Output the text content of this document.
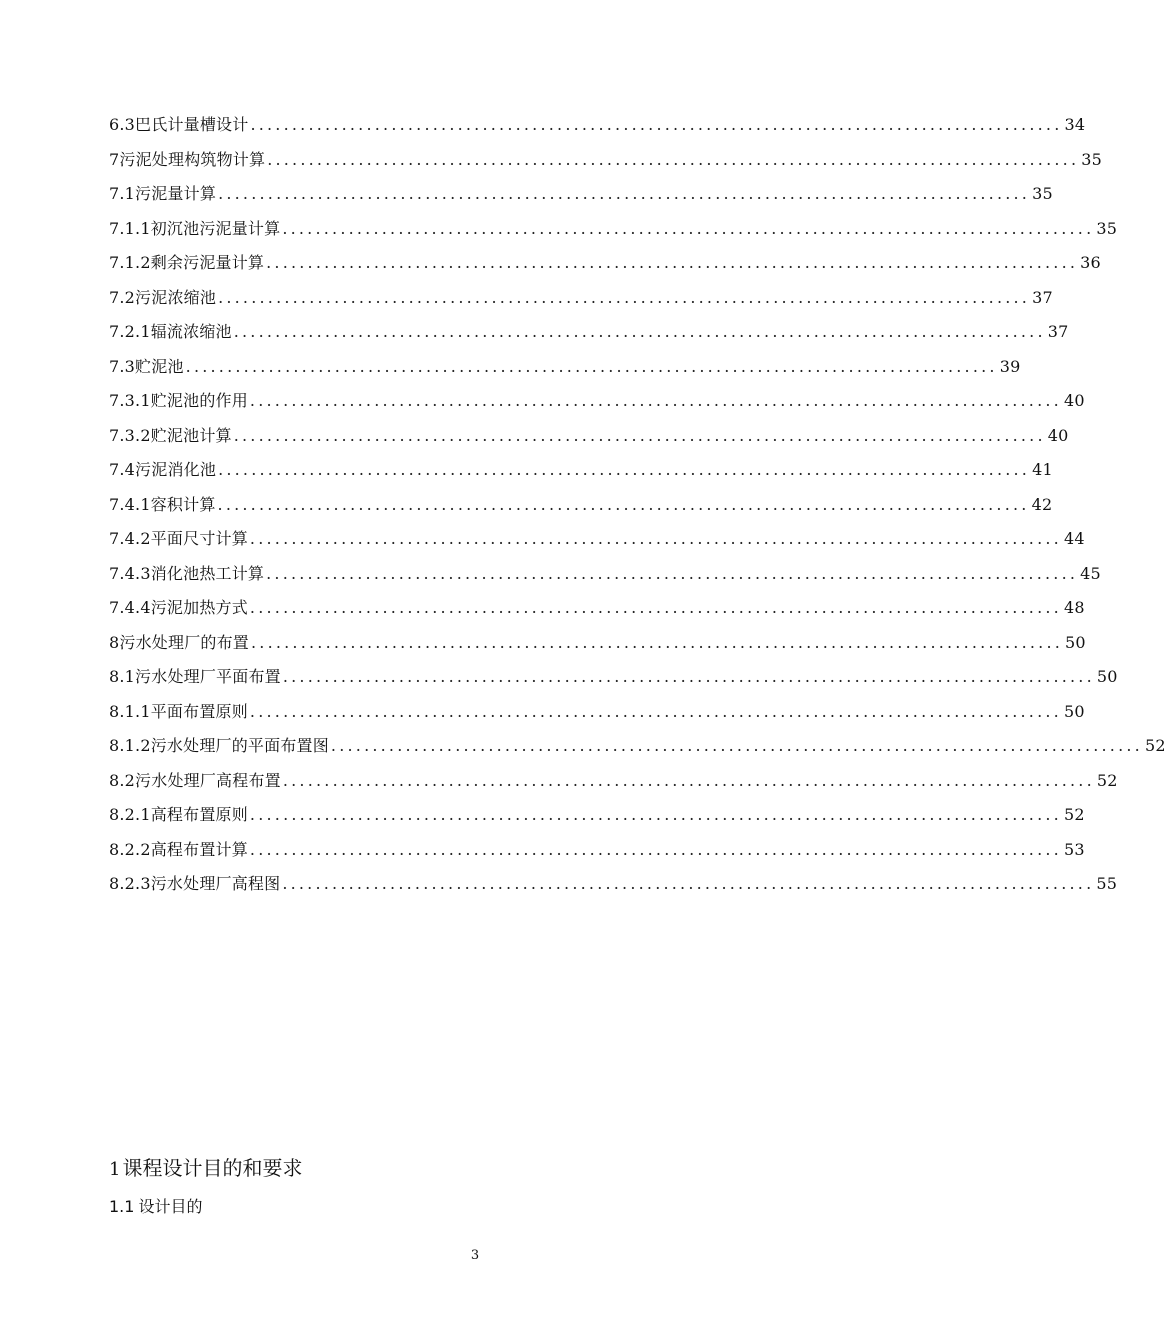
6.3 巴氏计量槽设计 .................................................................................................. 34
7 污泥处理构筑物计算 .................................................................................................. 35
7.1 污泥量计算 .................................................................................................. 35
7.1.1 初沉池污泥量计算 .................................................................................................. 35
7.1.2 剩余污泥量计算 .................................................................................................. 36
7.2 污泥浓缩池 .................................................................................................. 37
7.2.1 辐流浓缩池 .................................................................................................. 37
7.3 贮泥池 .................................................................................................. 39
7.3.1 贮泥池的作用 .................................................................................................. 40
7.3.2 贮泥池计算 .................................................................................................. 40
7.4 污泥消化池 .................................................................................................. 41
7.4.1 容积计算 .................................................................................................. 42
7.4.2 平面尺寸计算 .................................................................................................. 44
7.4.3 消化池热工计算 .................................................................................................. 45
7.4.4 污泥加热方式 .................................................................................................. 48
8 污水处理厂的布置 .................................................................................................. 50
8.1 污水处理厂平面布置 .................................................................................................. 50
8.1.1 平面布置原则 .................................................................................................. 50
8.1.2 污水处理厂的平面布置图 .................................................................................................. 52
8.2 污水处理厂高程布置 .................................................................................................. 52
8.2.1 高程布置原则 .................................................................................................. 52
8.2.2 高程布置计算 .................................................................................................. 53
8.2.3 污水处理厂高程图 .................................................................................................. 55
1 课程设计目的和要求
1.1 设计目的
3
